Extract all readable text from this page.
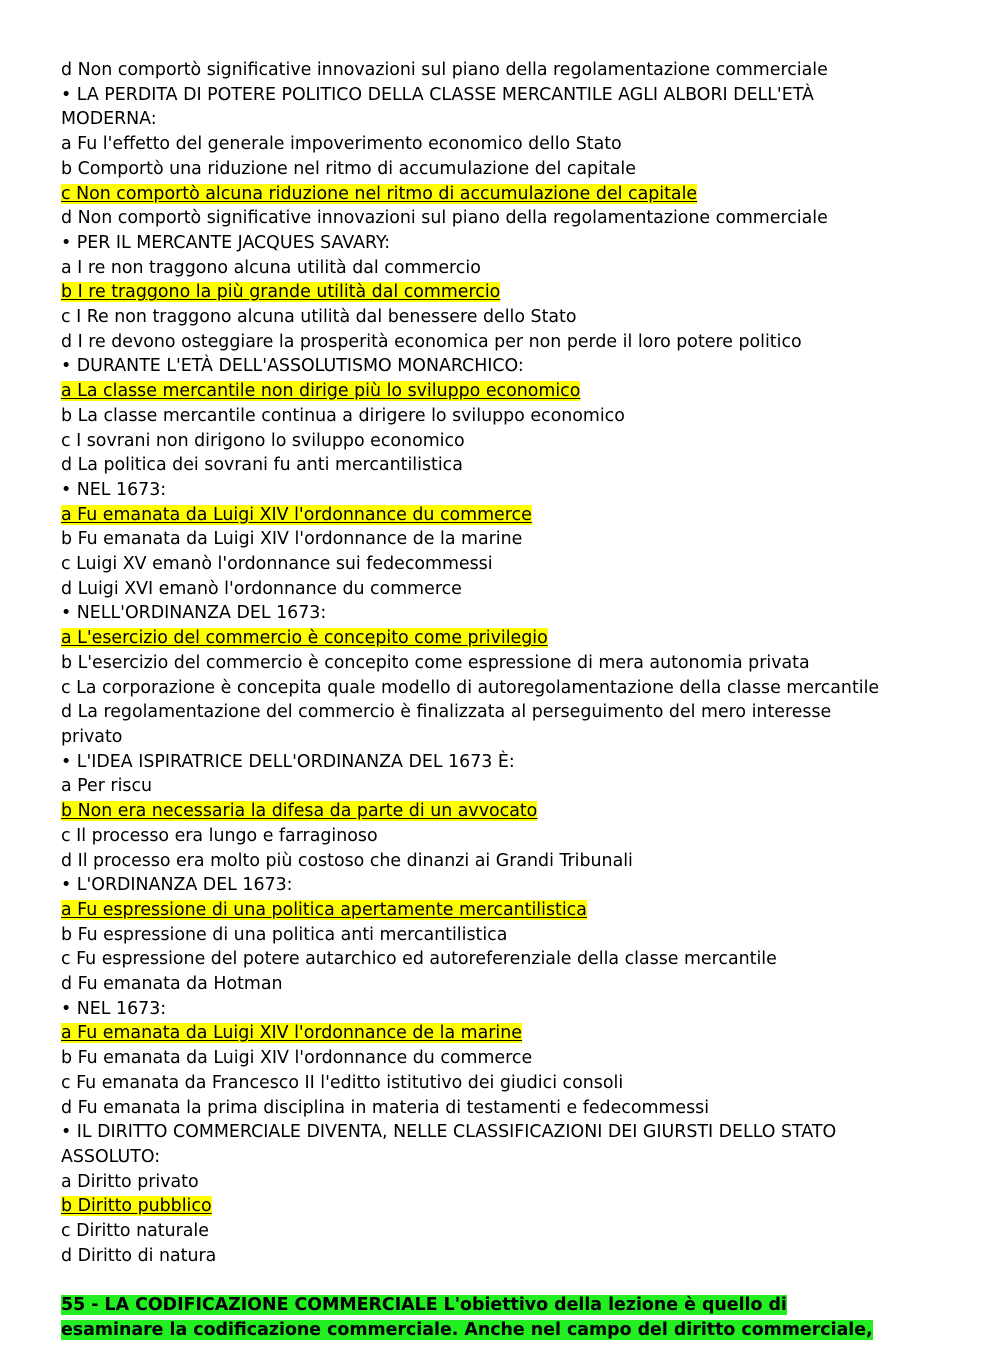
d Non comportò significative innovazioni sul piano della regolamentazione commerciale

• LA PERDITA DI POTERE POLITICO DELLA CLASSE MERCANTILE AGLI ALBORI DELL'ETÀ

MODERNA:

a Fu l'effetto del generale impoverimento economico dello Stato

b Comportò una riduzione nel ritmo di accumulazione del capitale

c Non comportò alcuna riduzione nel ritmo di accumulazione del capitale

d Non comportò significative innovazioni sul piano della regolamentazione commerciale

• PER IL MERCANTE JACQUES SAVARY:

a I re non traggono alcuna utilità dal commercio

b I re traggono la più grande utilità dal commercio

c I Re non traggono alcuna utilità dal benessere dello Stato

d I re devono osteggiare la prosperità economica per non perde il loro potere politico

• DURANTE L'ETÀ DELL'ASSOLUTISMO MONARCHICO:

a La classe mercantile non dirige più lo sviluppo economico

b La classe mercantile continua a dirigere lo sviluppo economico

c I sovrani non dirigono lo sviluppo economico

d La politica dei sovrani fu anti mercantilistica

• NEL 1673:

a Fu emanata da Luigi XIV l'ordonnance du commerce

b Fu emanata da Luigi XIV l'ordonnance de la marine

c Luigi XV emanò l'ordonnance sui fedecommessi

d Luigi XVI emanò l'ordonnance du commerce

• NELL'ORDINANZA DEL 1673:

a L'esercizio del commercio è concepito come privilegio

b L'esercizio del commercio è concepito come espressione di mera autonomia privata

c La corporazione è concepita quale modello di autoregolamentazione della classe mercantile

d La regolamentazione del commercio è finalizzata al perseguimento del mero interesse

privato

• L'IDEA ISPIRATRICE DELL'ORDINANZA DEL 1673 È:

a Per riscu

b Non era necessaria la difesa da parte di un avvocato

c Il processo era lungo e farraginoso

d Il processo era molto più costoso che dinanzi ai Grandi Tribunali

• L'ORDINANZA DEL 1673:

a Fu espressione di una politica apertamente mercantilistica

b Fu espressione di una politica anti mercantilistica

c Fu espressione del potere autarchico ed autoreferenziale della classe mercantile

d Fu emanata da Hotman

• NEL 1673:

a Fu emanata da Luigi XIV l'ordonnance de la marine

b Fu emanata da Luigi XIV l'ordonnance du commerce

c Fu emanata da Francesco II l'editto istitutivo dei giudici consoli

d Fu emanata la prima disciplina in materia di testamenti e fedecommessi

• IL DIRITTO COMMERCIALE DIVENTA, NELLE CLASSIFICAZIONI DEI GIURSTI DELLO STATO

ASSOLUTO:

a Diritto privato

b Diritto pubblico

c Diritto naturale

d Diritto di natura

55 - LA CODIFICAZIONE COMMERCIALE L'obiettivo della lezione è quello di

esaminare la codificazione commerciale. Anche nel campo del diritto commerciale,
